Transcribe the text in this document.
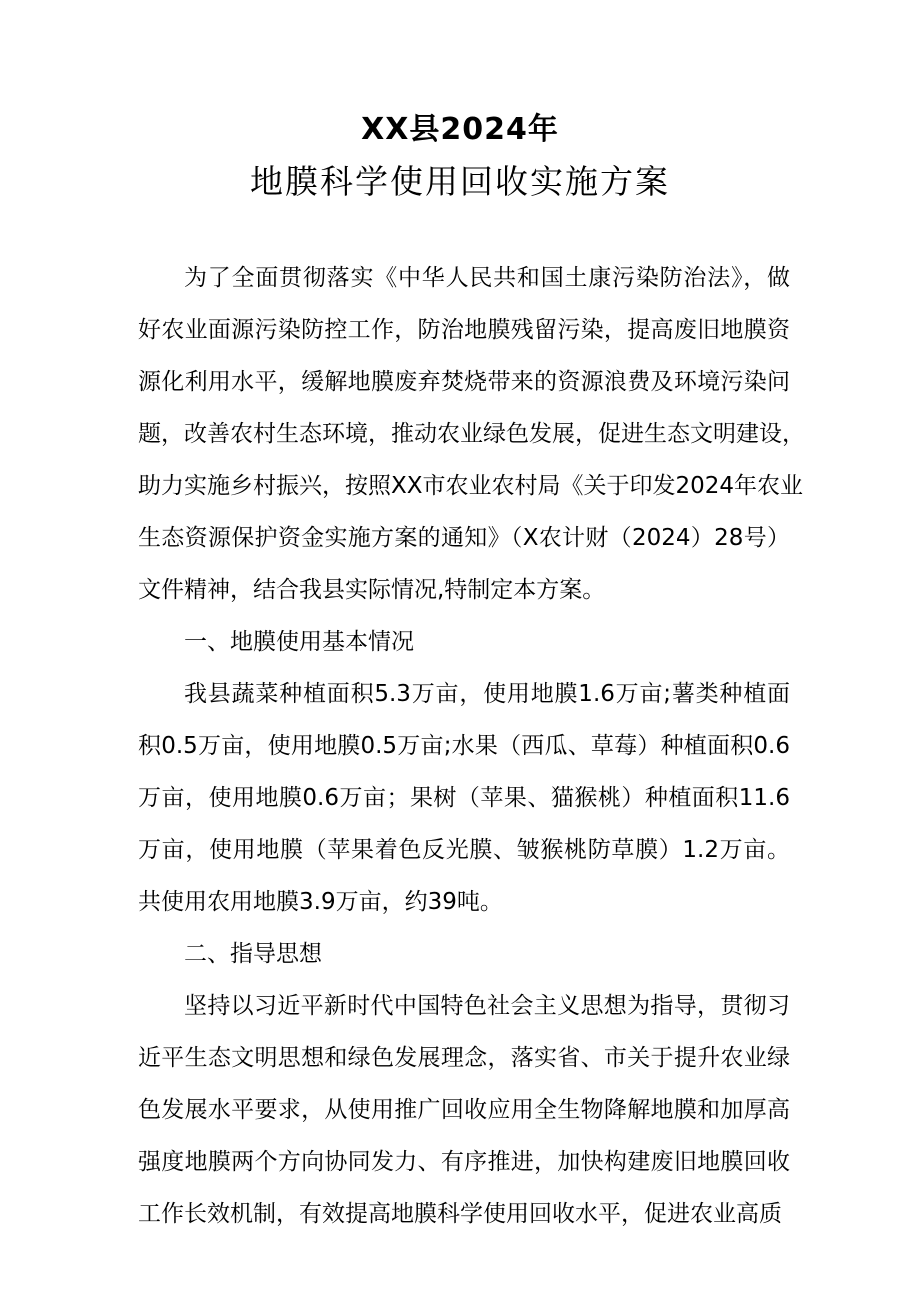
XX县2024年
地膜科学使用回收实施方案
为了全面贯彻落实《中华人民共和国土康污染防治法》，做
好农业面源污染防控工作，防治地膜残留污染，提高废旧地膜资
源化利用水平，缓解地膜废弃焚烧带来的资源浪费及环境污染问
题，改善农村生态环境，推动农业绿色发展，促进生态文明建设，
助力实施乡村振兴，按照XX市农业农村局《关于印发2024年农业
生态资源保护资金实施方案的通知》（X农计财（2024）28号）
文件精神，结合我县实际情况,特制定本方案。
一、地膜使用基本情况
我县蔬菜种植面积5.3万亩，使用地膜1.6万亩;薯类种植面
积0.5万亩，使用地膜0.5万亩;水果（西瓜、草莓）种植面积0.6
万亩，使用地膜0.6万亩；果树（苹果、猫猴桃）种植面积11.6
万亩，使用地膜（苹果着色反光膜、皱猴桃防草膜）1.2万亩。
共使用农用地膜3.9万亩，约39吨。
二、指导思想
坚持以习近平新时代中国特色社会主义思想为指导，贯彻习
近平生态文明思想和绿色发展理念，落实省、市关于提升农业绿
色发展水平要求，从使用推广回收应用全生物降解地膜和加厚高
强度地膜两个方向协同发力、有序推进，加快构建废旧地膜回收
工作长效机制，有效提高地膜科学使用回收水平，促进农业高质
